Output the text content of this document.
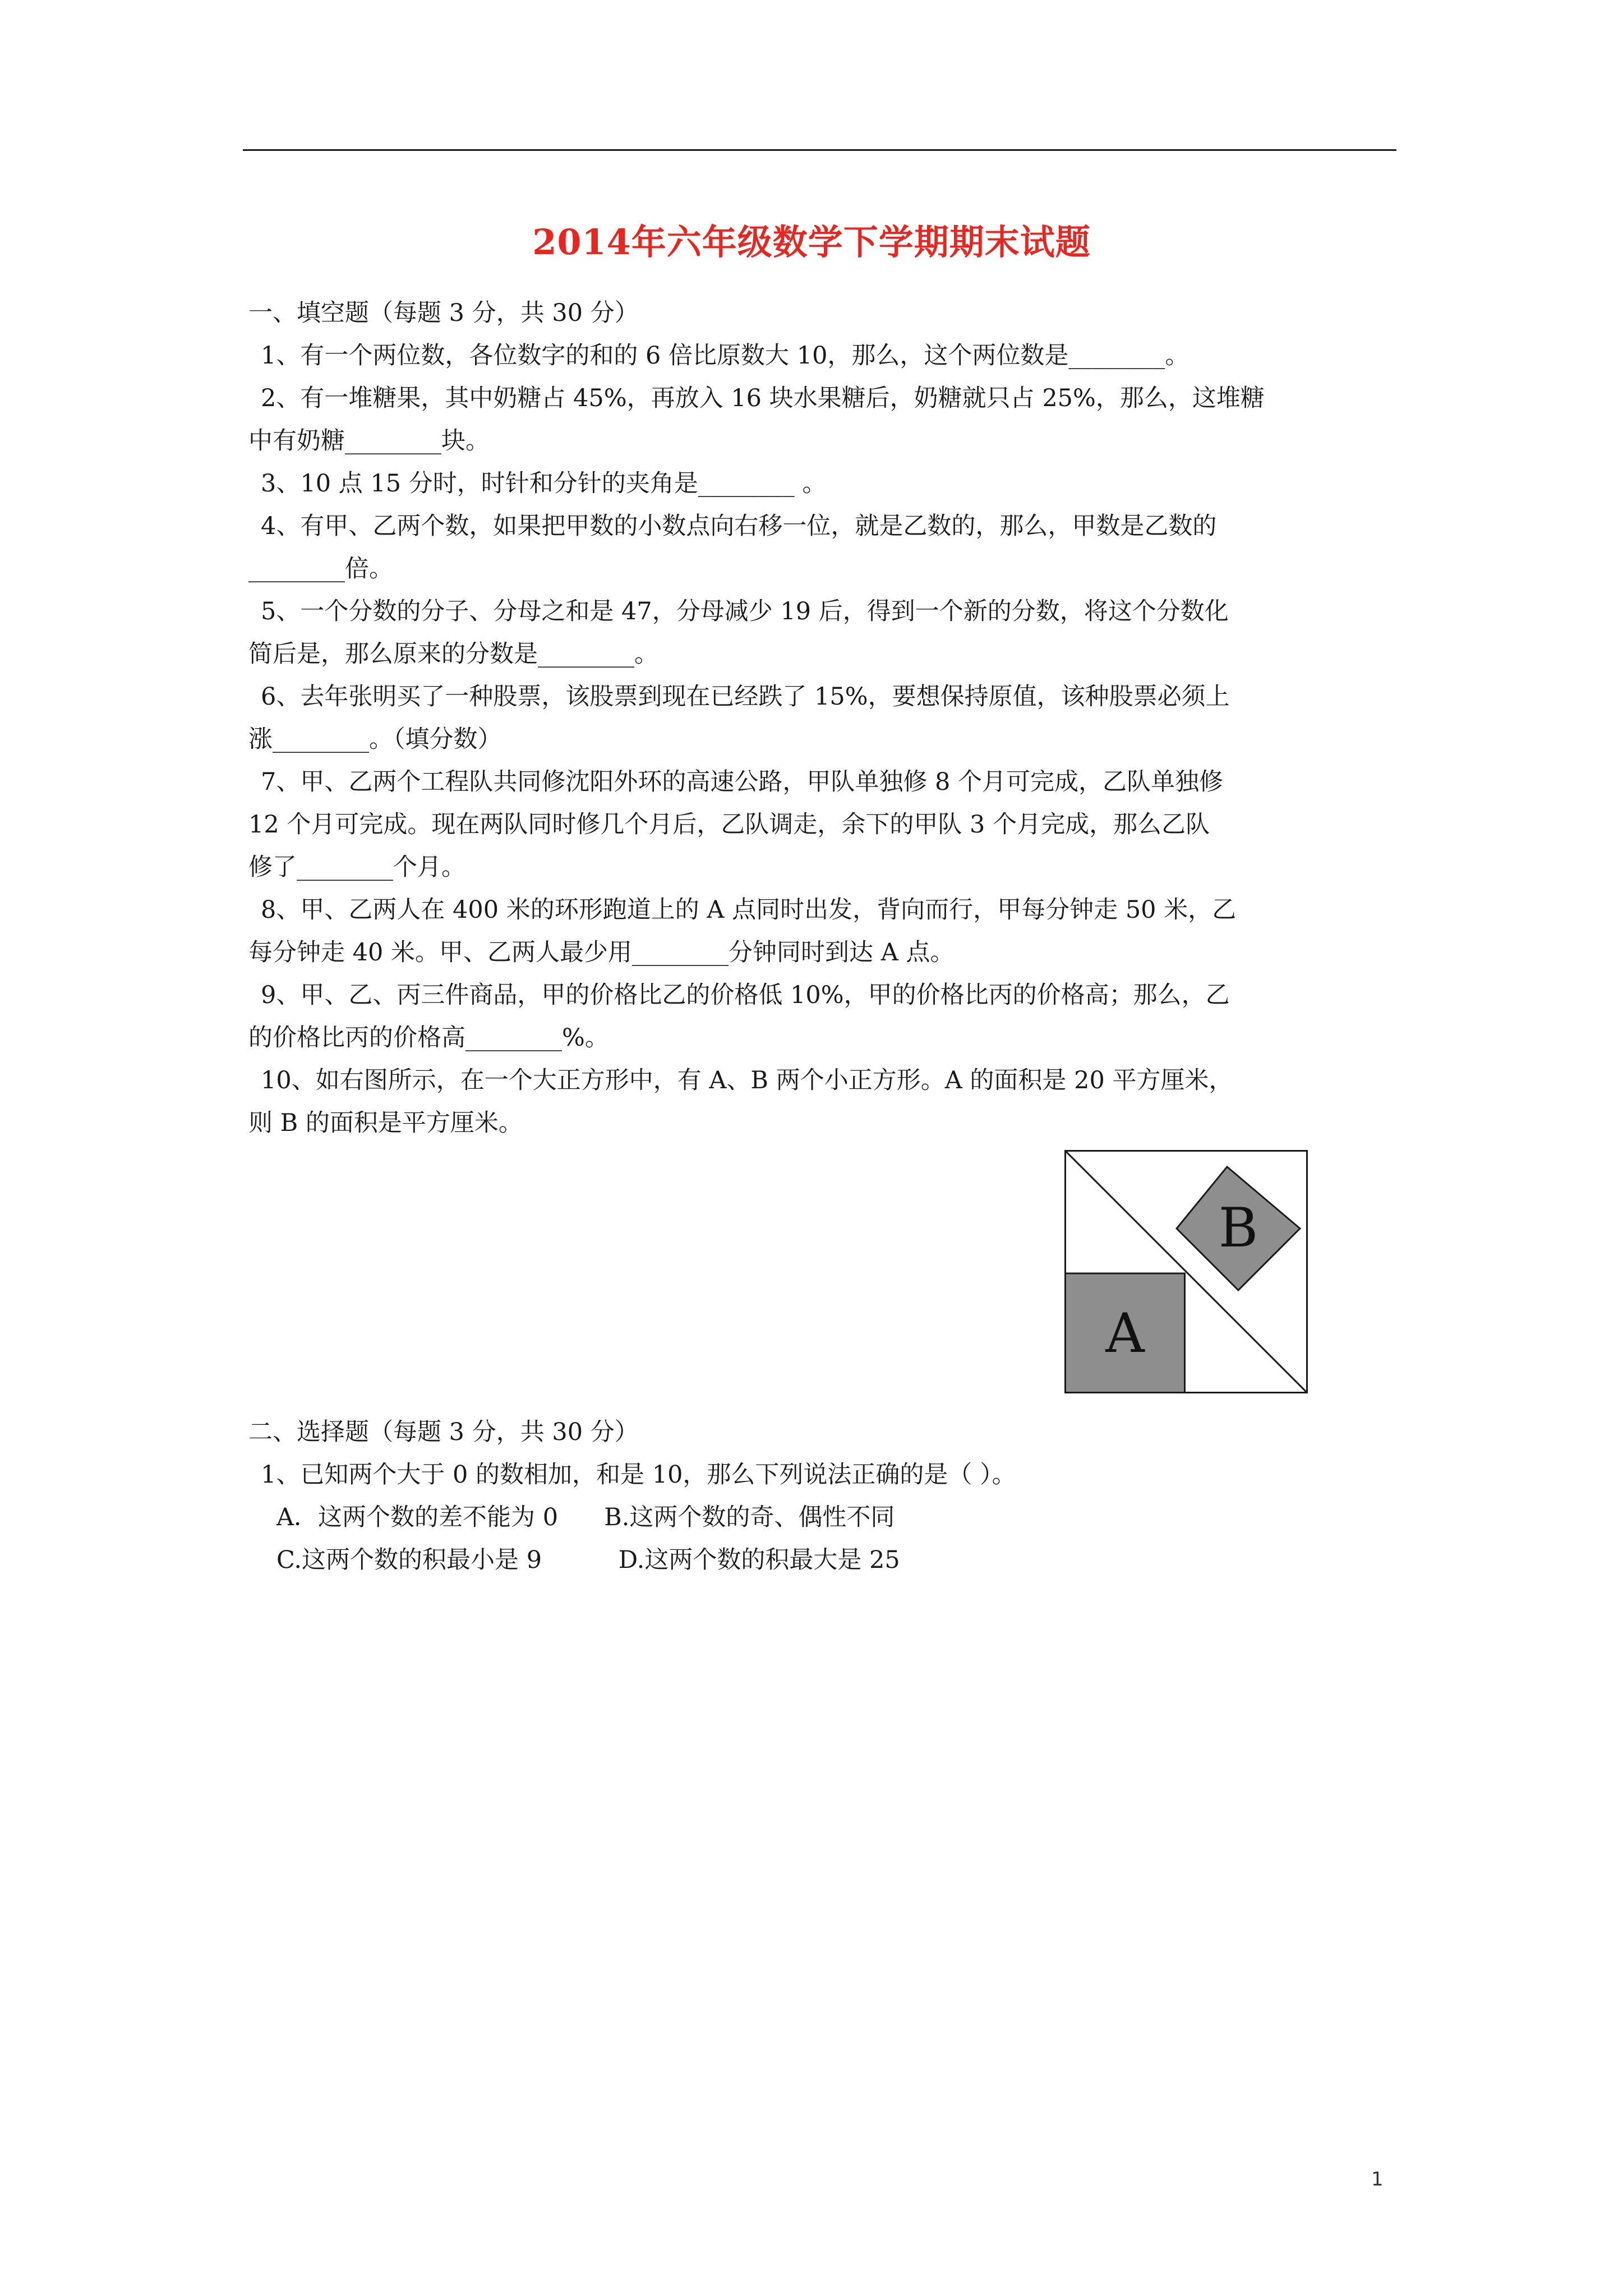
2014年六年级数学下学期期末试题

一、填空题（每题 3 分，共 30 分）

1、有一个两位数，各位数字的和的 6 倍比原数大 10，那么，这个两位数是________。

2、有一堆糖果，其中奶糖占 45%，再放入 16 块水果糖后，奶糖就只占 25%，那么，这堆糖
中有奶糖________块。

3、10 点 15 分时，时针和分针的夹角是________ 。

4、有甲、乙两个数，如果把甲数的小数点向右移一位，就是乙数的，那么，甲数是乙数的
________倍。

5、一个分数的分子、分母之和是 47，分母减少 19 后，得到一个新的分数，将这个分数化
简后是，那么原来的分数是________。

6、去年张明买了一种股票，该股票到现在已经跌了 15%，要想保持原值，该种股票必须上
涨________。（填分数）

7、甲、乙两个工程队共同修沈阳外环的高速公路，甲队单独修 8 个月可完成，乙队单独修
12 个月可完成。现在两队同时修几个月后，乙队调走，余下的甲队 3 个月完成，那么乙队
修了________个月。

8、甲、乙两人在 400 米的环形跑道上的 A 点同时出发，背向而行，甲每分钟走 50 米，乙
每分钟走 40 米。甲、乙两人最少用________分钟同时到达 A 点。

9、甲、乙、丙三件商品，甲的价格比乙的价格低 10%，甲的价格比丙的价格高；那么，乙
的价格比丙的价格高________%。

10、如右图所示，在一个大正方形中，有 A、B 两个小正方形。A 的面积是 20 平方厘米，
则 B 的面积是平方厘米。

二、选择题（每题 3 分，共 30 分）

1、已知两个大于 0 的数相加，和是 10，那么下列说法正确的是（ ）。

A．这两个数的差不能为 0      B.这两个数的奇、偶性不同

C.这两个数的积最小是 9          D.这两个数的积最大是 25

B
A
1
